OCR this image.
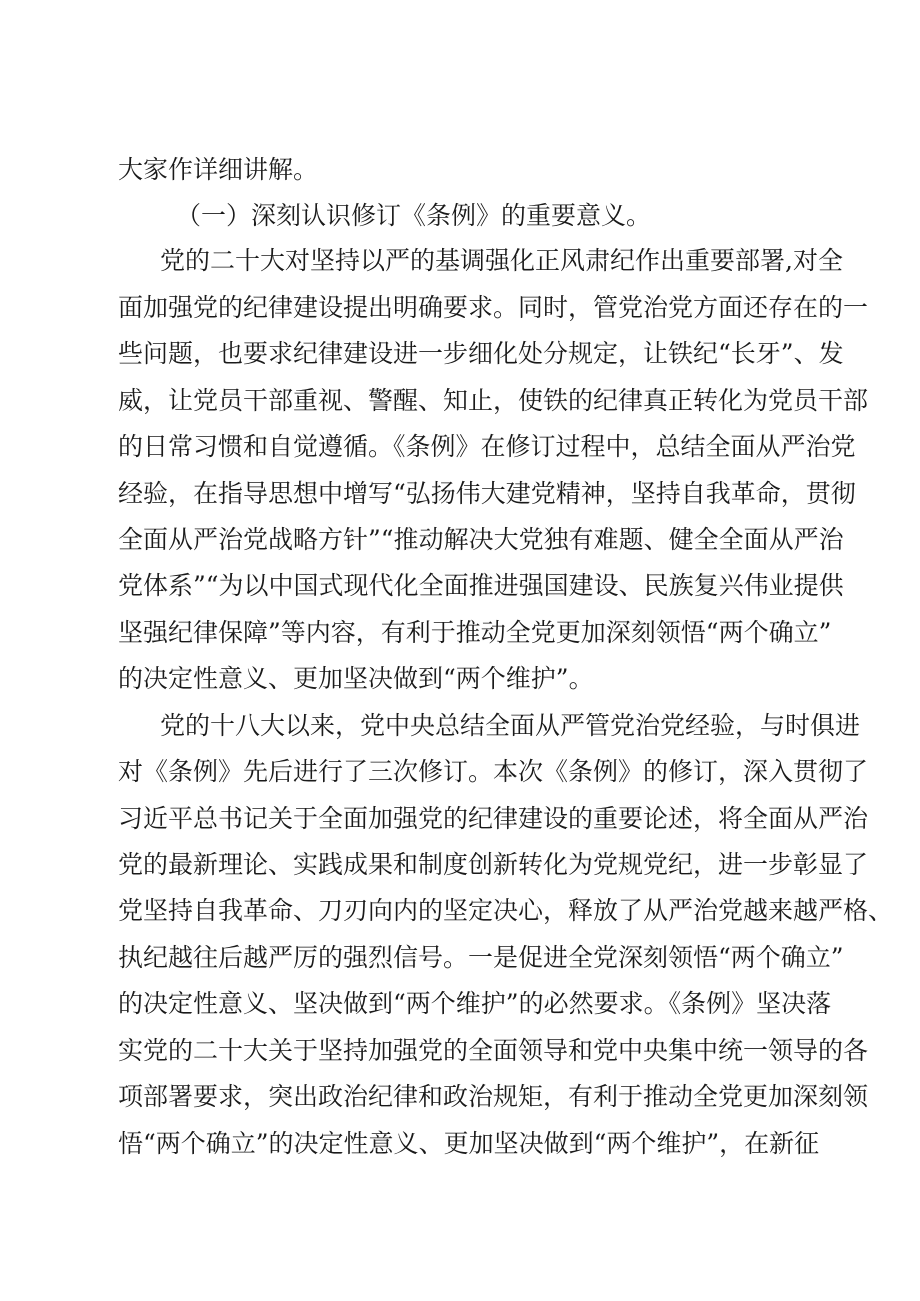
大家作详细讲解。
（一）深刻认识修订《条例》的重要意义。
党的二十大对坚持以严的基调强化正风肃纪作出重要部署,对全
面加强党的纪律建设提出明确要求。同时，管党治党方面还存在的一
些问题，也要求纪律建设进一步细化处分规定，让铁纪“长牙”、发
威，让党员干部重视、警醒、知止，使铁的纪律真正转化为党员干部
的日常习惯和自觉遵循。《条例》在修订过程中，总结全面从严治党
经验，在指导思想中增写“弘扬伟大建党精神，坚持自我革命，贯彻
全面从严治党战略方针”“推动解决大党独有难题、健全全面从严治
党体系”“为以中国式现代化全面推进强国建设、民族复兴伟业提供
坚强纪律保障”等内容，有利于推动全党更加深刻领悟“两个确立”
的决定性意义、更加坚决做到“两个维护”。
党的十八大以来，党中央总结全面从严管党治党经验，与时俱进
对《条例》先后进行了三次修订。本次《条例》的修订，深入贯彻了
习近平总书记关于全面加强党的纪律建设的重要论述，将全面从严治
党的最新理论、实践成果和制度创新转化为党规党纪，进一步彰显了
党坚持自我革命、刀刃向内的坚定决心，释放了从严治党越来越严格、
执纪越往后越严厉的强烈信号。一是促进全党深刻领悟“两个确立”
的决定性意义、坚决做到“两个维护”的必然要求。《条例》坚决落
实党的二十大关于坚持加强党的全面领导和党中央集中统一领导的各
项部署要求，突出政治纪律和政治规矩，有利于推动全党更加深刻领
悟“两个确立”的决定性意义、更加坚决做到“两个维护”，在新征
